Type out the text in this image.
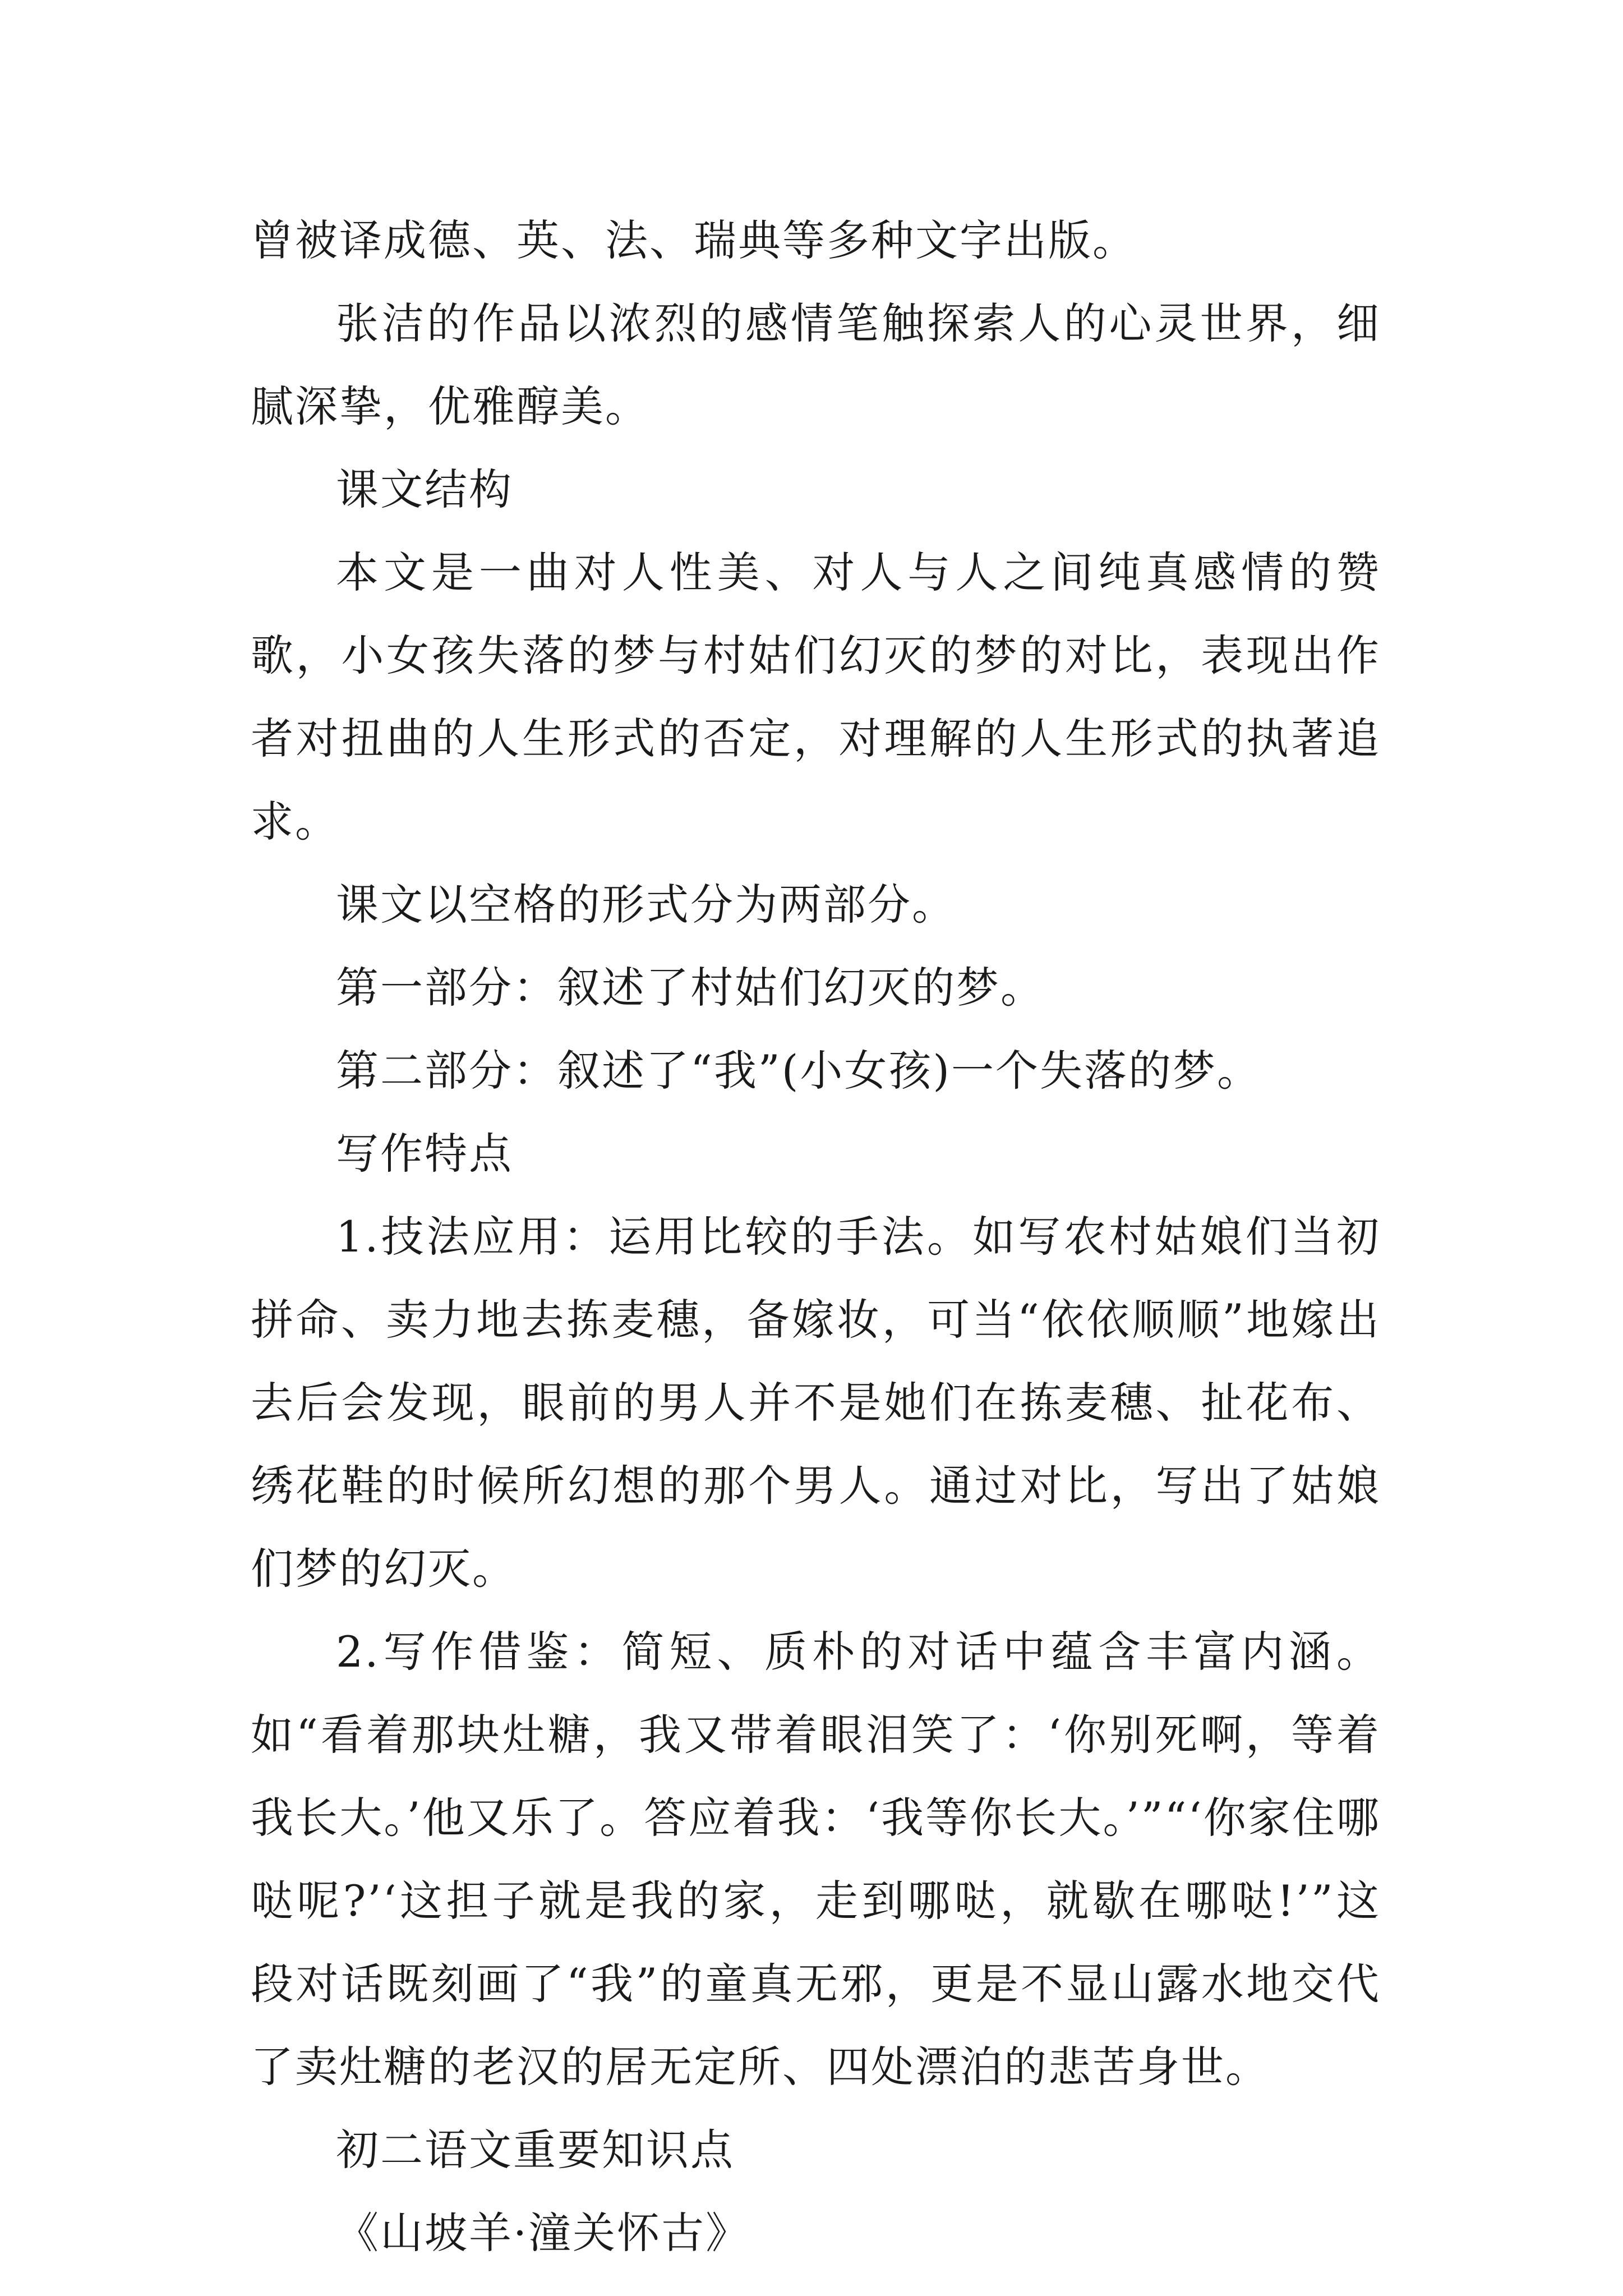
曾被译成德、英、法、瑞典等多种文字出版。

张洁的作品以浓烈的感情笔触探索人的心灵世界，细腻深挚，优雅醇美。

课文结构

本文是一曲对人性美、对人与人之间纯真感情的赞歌，小女孩失落的梦与村姑们幻灭的梦的对比，表现出作者对扭曲的人生形式的否定，对理解的人生形式的执著追求。

课文以空格的形式分为两部分。

第一部分：叙述了村姑们幻灭的梦。

第二部分：叙述了“我”(小女孩)一个失落的梦。

写作特点

1.技法应用：运用比较的手法。如写农村姑娘们当初拼命、卖力地去拣麦穗，备嫁妆，可当“依依顺顺”地嫁出去后会发现，眼前的男人并不是她们在拣麦穗、扯花布、绣花鞋的时候所幻想的那个男人。通过对比，写出了姑娘们梦的幻灭。

2.写作借鉴：简短、质朴的对话中蕴含丰富内涵。如“看着那块灶糖，我又带着眼泪笑了：‘你别死啊，等着我长大。’他又乐了。答应着我：‘我等你长大。’”“‘你家住哪哒呢?’‘这担子就是我的家，走到哪哒，就歇在哪哒!’”这段对话既刻画了“我”的童真无邪，更是不显山露水地交代了卖灶糖的老汉的居无定所、四处漂泊的悲苦身世。

初二语文重要知识点

《山坡羊·潼关怀古》
